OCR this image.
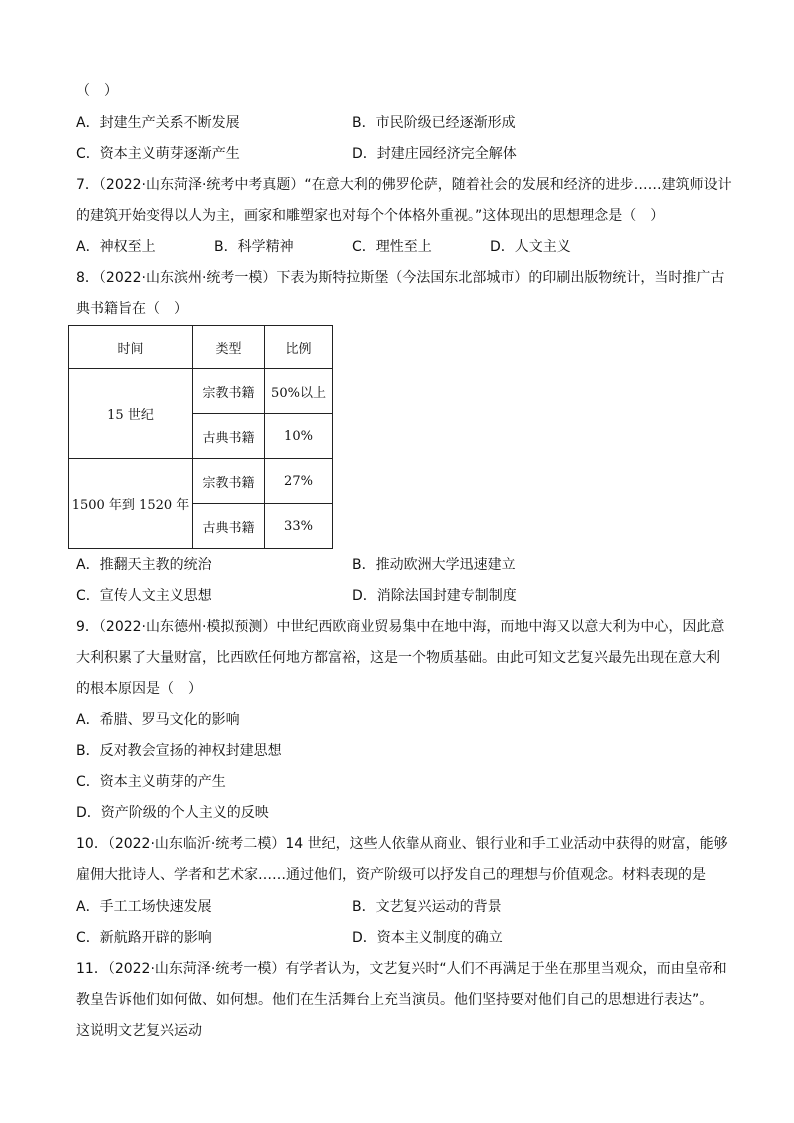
（　）
A．封建生产关系不断发展	B．市民阶级已经逐渐形成
C．资本主义萌芽逐渐产生	D．封建庄园经济完全解体
7．（2022·山东菏泽·统考中考真题）“在意大利的佛罗伦萨，随着社会的发展和经济的进步……建筑师设计
的建筑开始变得以人为主，画家和雕塑家也对每个个体格外重视。”这体现出的思想理念是（　）
A．神权至上	B．科学精神	C．理性至上	D．人文主义
8．（2022·山东滨州·统考一模）下表为斯特拉斯堡（今法国东北部城市）的印刷出版物统计，当时推广古
典书籍旨在（　）
时间	类型	比例
15 世纪	宗教书籍	50%以上
	古典书籍	10%
1500 年到 1520 年	宗教书籍	27%
	古典书籍	33%
A．推翻天主教的统治	B．推动欧洲大学迅速建立
C．宣传人文主义思想	D．消除法国封建专制制度
9．（2022·山东德州·模拟预测）中世纪西欧商业贸易集中在地中海，而地中海又以意大利为中心，因此意
大利积累了大量财富，比西欧任何地方都富裕，这是一个物质基础。由此可知文艺复兴最先出现在意大利
的根本原因是（　）
A．希腊、罗马文化的影响
B．反对教会宣扬的神权封建思想
C．资本主义萌芽的产生
D．资产阶级的个人主义的反映
10．（2022·山东临沂·统考二模）14 世纪，这些人依靠从商业、银行业和手工业活动中获得的财富，能够
雇佣大批诗人、学者和艺术家……通过他们，资产阶级可以抒发自己的理想与价值观念。材料表现的是
A．手工工场快速发展	B．文艺复兴运动的背景
C．新航路开辟的影响	D．资本主义制度的确立
11．（2022·山东菏泽·统考一模）有学者认为，文艺复兴时“人们不再满足于坐在那里当观众，而由皇帝和
教皇告诉他们如何做、如何想。他们在生活舞台上充当演员。他们坚持要对他们自己的思想进行表达”。
这说明文艺复兴运动
